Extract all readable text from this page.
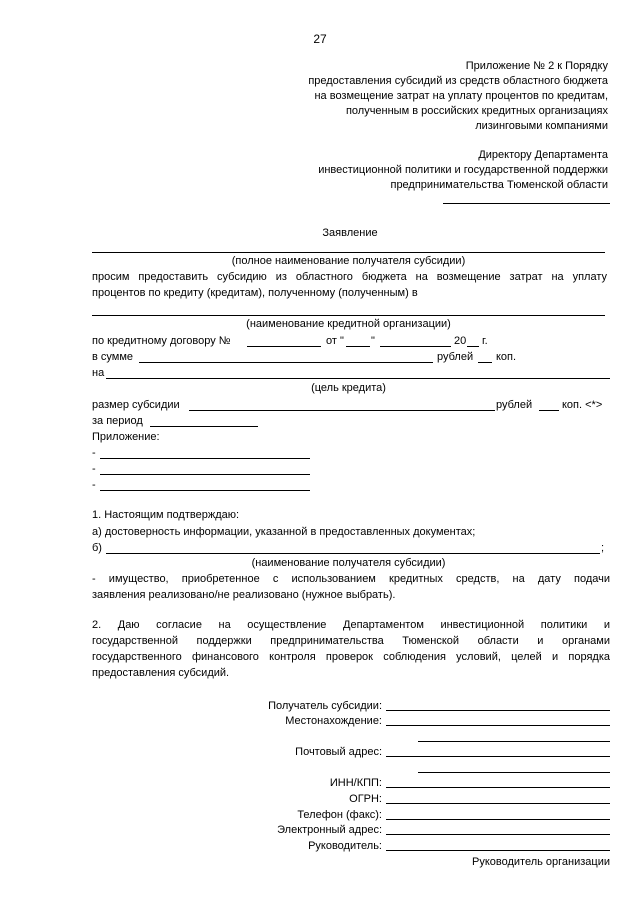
27
Приложение № 2 к Порядку
предоставления субсидий из средств областного бюджета
на возмещение затрат на уплату процентов по кредитам,
полученным в российских кредитных организациях
лизинговыми компаниями
Директору Департамента
инвестиционной политики и государственной поддержки
предпринимательства Тюменской области
Заявление
(полное наименование получателя субсидии)
просим предоставить субсидию из областного бюджета на возмещение затрат на уплату
процентов по кредиту (кредитам), полученному (полученным) в
(наименование кредитной организации)
по кредитному договору №	от " "	20 г.
в сумме	рублей коп.
на
(цель кредита)
размер субсидии	рублей	коп. <*>
за период
Приложение:
-
-
-
1. Настоящим подтверждаю:
а) достоверность информации, указанной в предоставленных документах;
б)	;
(наименование получателя субсидии)
- имущество, приобретенное с использованием кредитных средств, на дату подачи
заявления реализовано/не реализовано (нужное выбрать).
2. Даю согласие на осуществление Департаментом инвестиционной политики и
государственной поддержки предпринимательства Тюменской области и органами
государственного финансового контроля проверок соблюдения условий, целей и порядка
предоставления субсидий.
Получатель субсидии:
Местонахождение:
Почтовый адрес:
ИНН/КПП:
ОГРН:
Телефон (факс):
Электронный адрес:
Руководитель:
Руководитель организации
